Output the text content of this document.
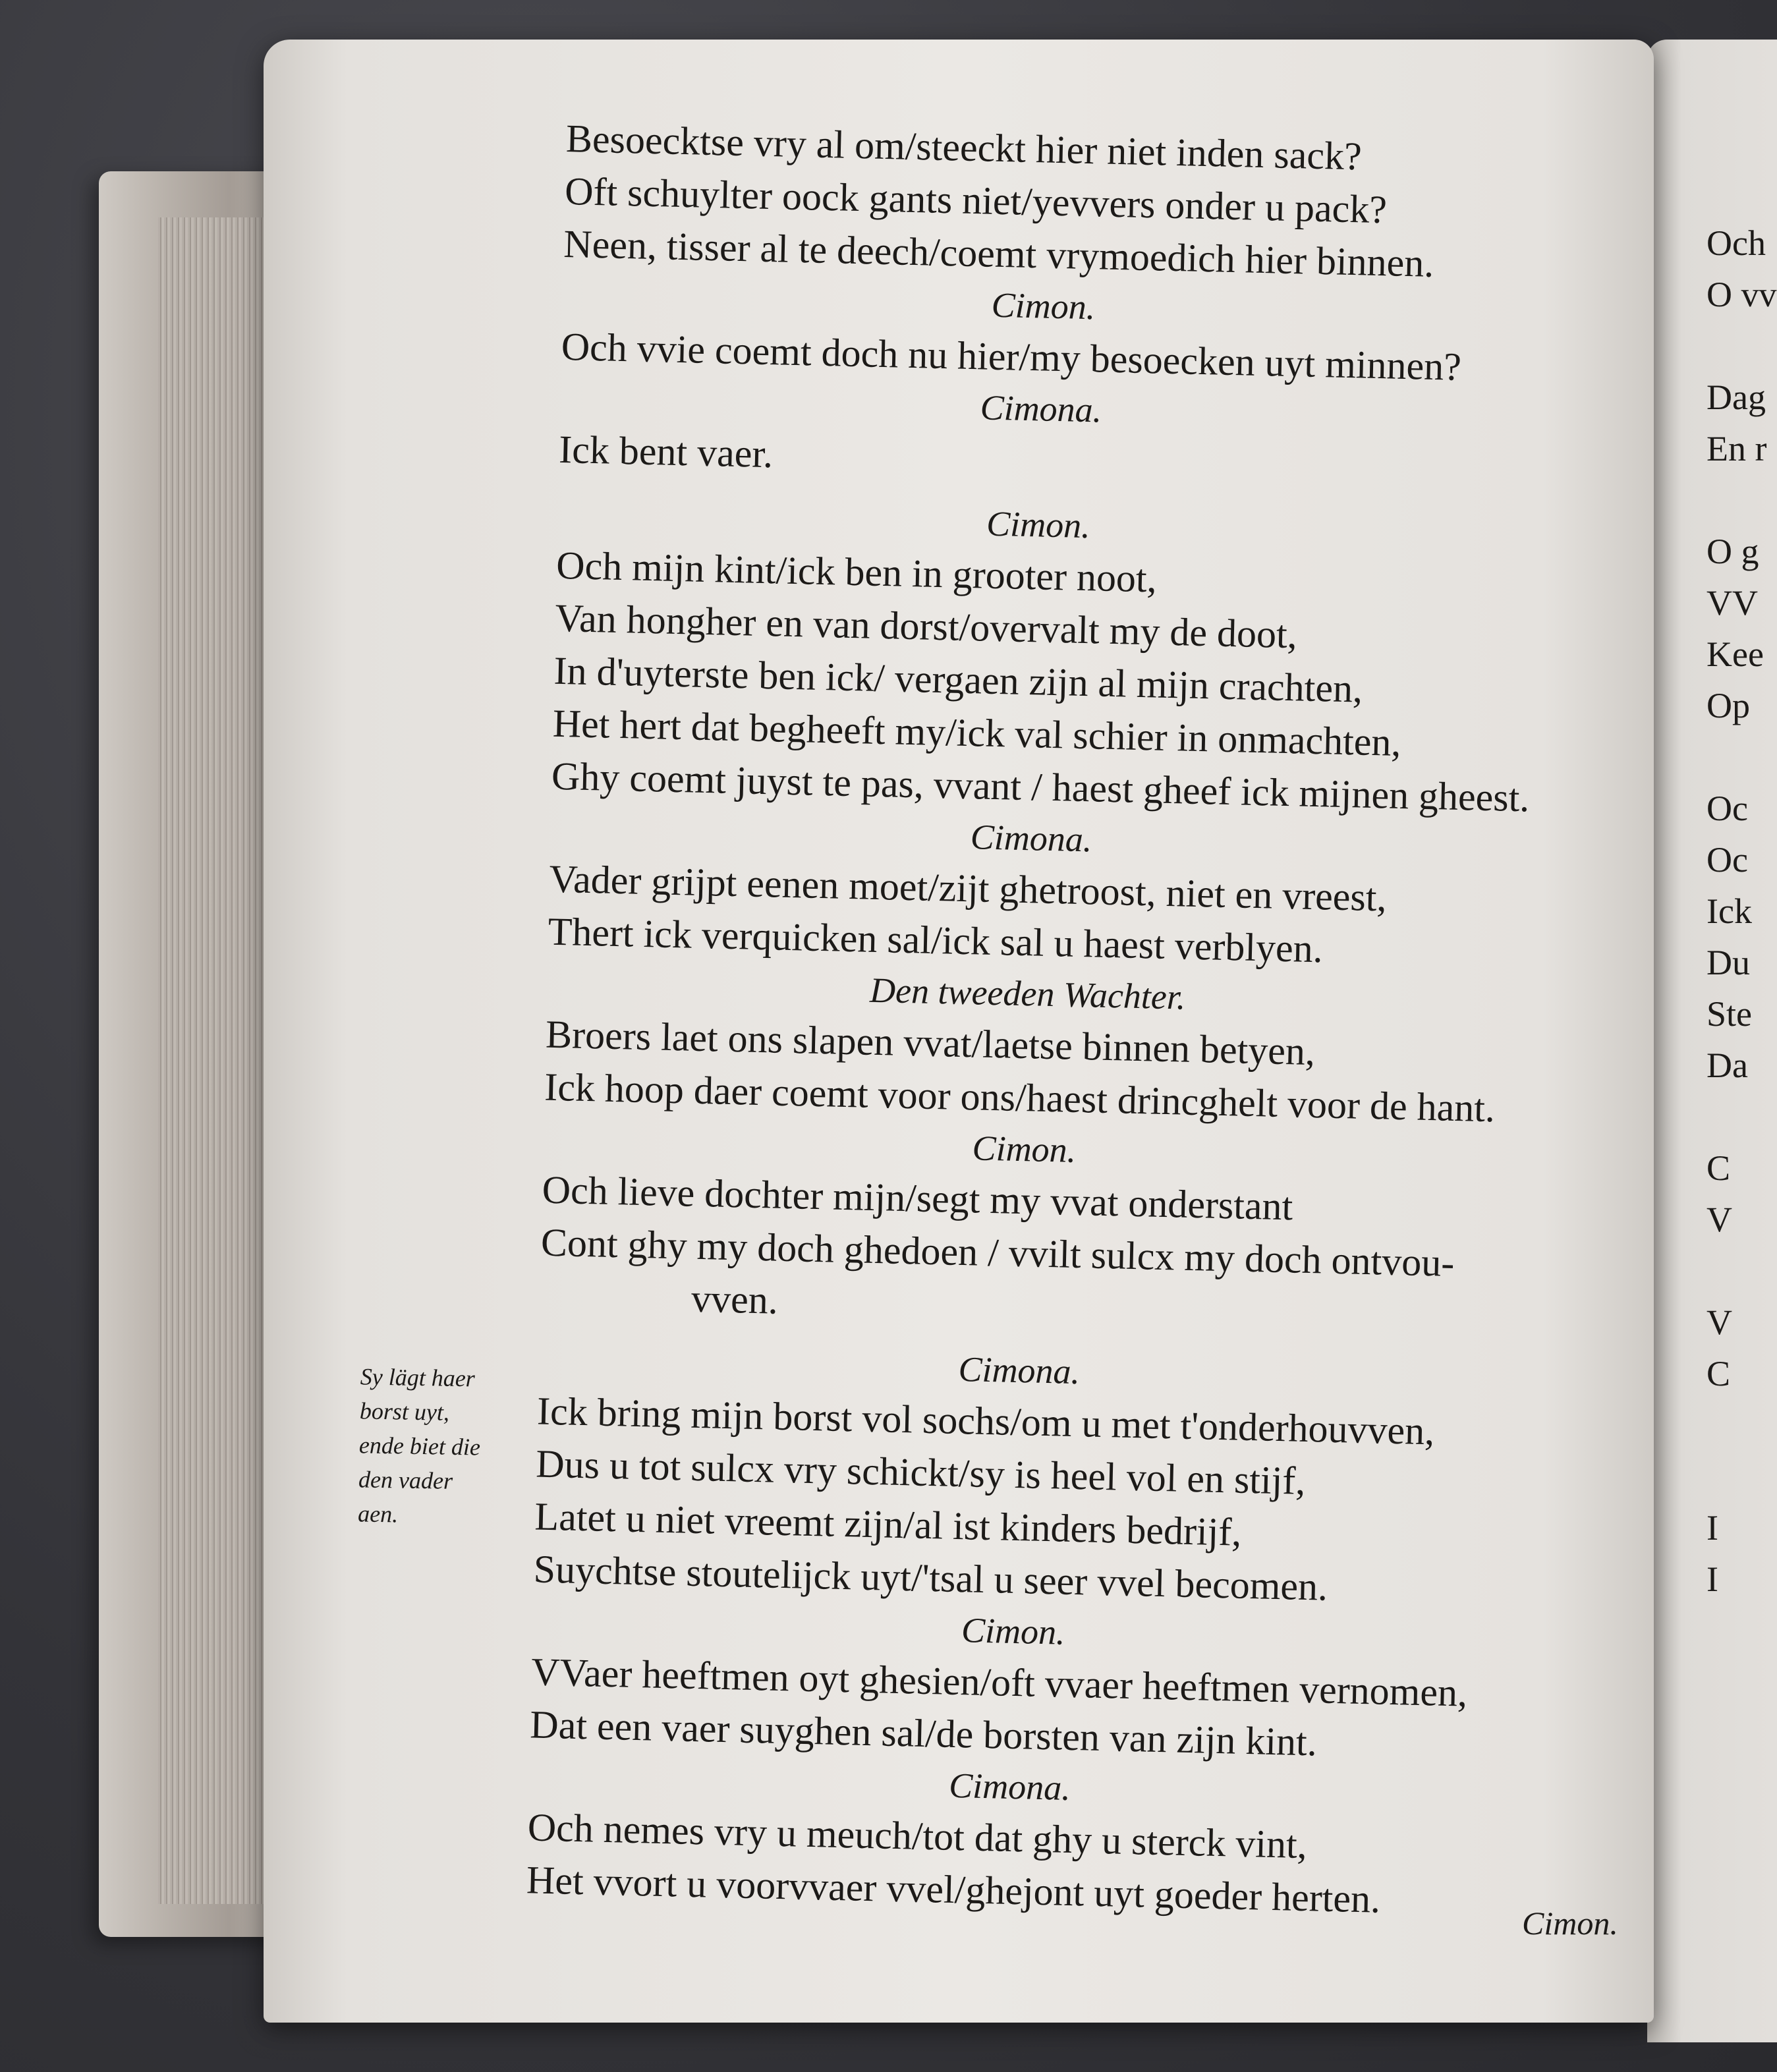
Besoecktse vry al om/steeckt hier niet inden sack?
Oft schuylter oock gants niet/yevvers onder u pack?
Neen, tisser al te deech/coemt vrymoedich hier binnen.
Cimon.
Och vvie coemt doch nu hier/my besoecken uyt minnen?
Cimona.
Ick bent vaer.
Cimon.
Och mijn kint/ick ben in grooter noot,
Van hongher en van dorst/overvalt my de doot,
In d'uyterste ben ick/ vergaen zijn al mijn crachten,
Het hert dat begheeft my/ick val schier in onmachten,
Ghy coemt juyst te pas, vvant / haest gheef ick mijnen gheest.
Cimona.
Vader grijpt eenen moet/zijt ghetroost, niet en vreest,
Thert ick verquicken sal/ick sal u haest verblyen.
Den tweeden Wachter.
Broers laet ons slapen vvat/laetse binnen betyen,
Ick hoop daer coemt voor ons/haest drincghelt voor de hant.
Cimon.
Och lieve dochter mijn/segt my vvat onderstant
Cont ghy my doch ghedoen / vvilt sulcx my doch ontvou-
vven.
Cimona.
Ick bring mijn borst vol sochs/om u met t'onderhouvven,
Dus u tot sulcx vry schickt/sy is heel vol en stijf,
Latet u niet vreemt zijn/al ist kinders bedrijf,
Suychtse stoutelijck uyt/'tsal u seer vvel becomen.
Cimon.
VVaer heeftmen oyt ghesien/oft vvaer heeftmen vernomen,
Dat een vaer suyghen sal/de borsten van zijn kint.
Cimona.
Och nemes vry u meuch/tot dat ghy u sterck vint,
Het vvort u voorvvaer vvel/ghejont uyt goeder herten.
Sy lägt haer
borst uyt,
ende biet die
den vader
aen.
Cimon.
Och
O vv
Dag
En r
O g
VV
Kee
Op
Oc
Oc
Ick
Du
Ste
Da
C
V
V
C
I
I
